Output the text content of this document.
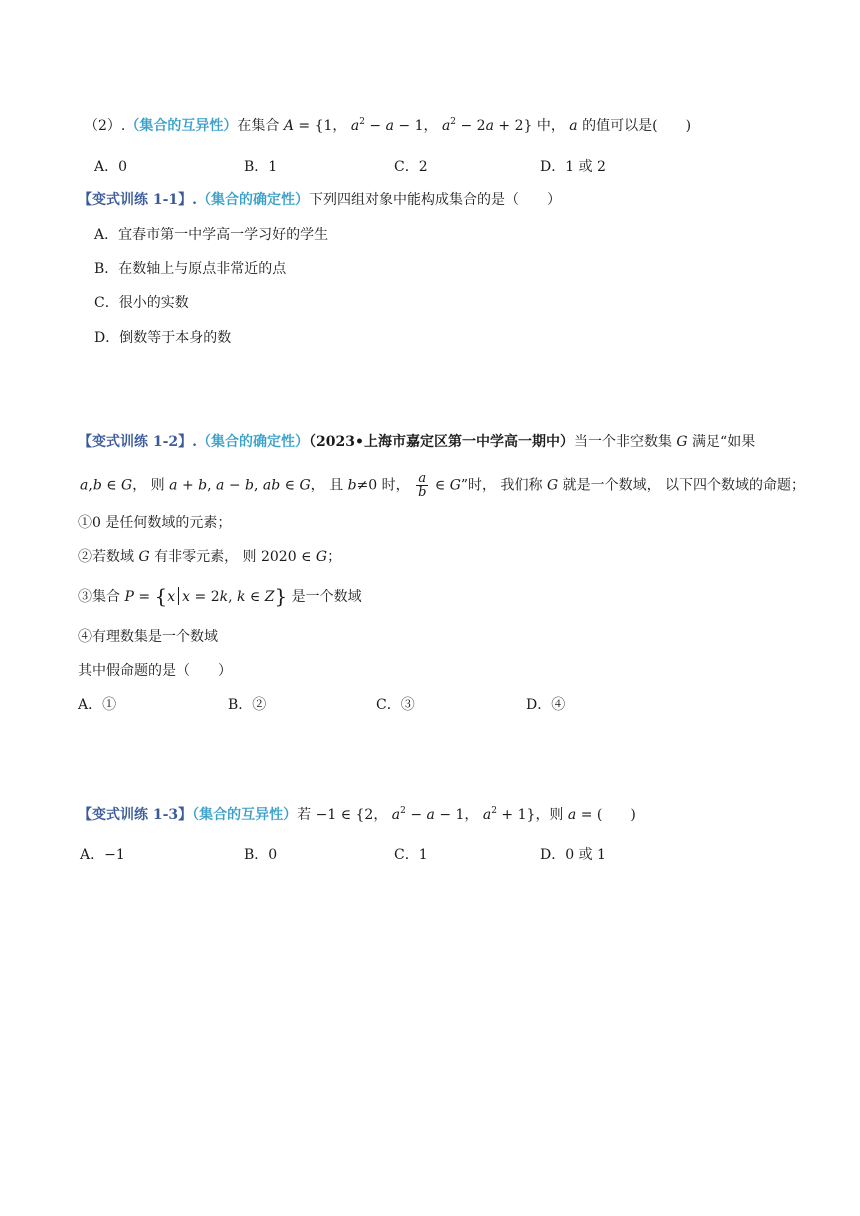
（2）.（集合的互异性）在集合 A = {1， $a^2 - a - 1$， $a^2 - 2a + 2$} 中， a 的值可以是(　　)
A．0	B．1	C．2	D．1 或 2
【变式训练 1-1】.（集合的确定性）下列四组对象中能构成集合的是（　　）
A．宜春市第一中学高一学习好的学生
B．在数轴上与原点非常近的点
C．很小的实数
D．倒数等于本身的数
【变式训练 1-2】.（集合的确定性）（2023•上海市嘉定区第一中学高一期中）当一个非空数集 G 满足“如果
a,b ∈ G， 则 a + b, a − b, ab ∈ G， 且 b≠0 时， $\frac{a}{b}$ ∈ G”时， 我们称 G 就是一个数域， 以下四个数域的命题；
①0 是任何数域的元素；
②若数域 G 有非零元素， 则 2020 ∈ G；
③集合 P = {x x = 2k, k ∈ Z} 是一个数域
④有理数集是一个数域
其中假命题的是（　　）
A．①	B．②	C．③	D．④
【变式训练 1-3】（集合的互异性）若 −1 ∈ {2， $a^2 - a - 1$， $a^2 + 1$}，则 a = (　　)
A．−1	B．0	C．1	D．0 或 1
